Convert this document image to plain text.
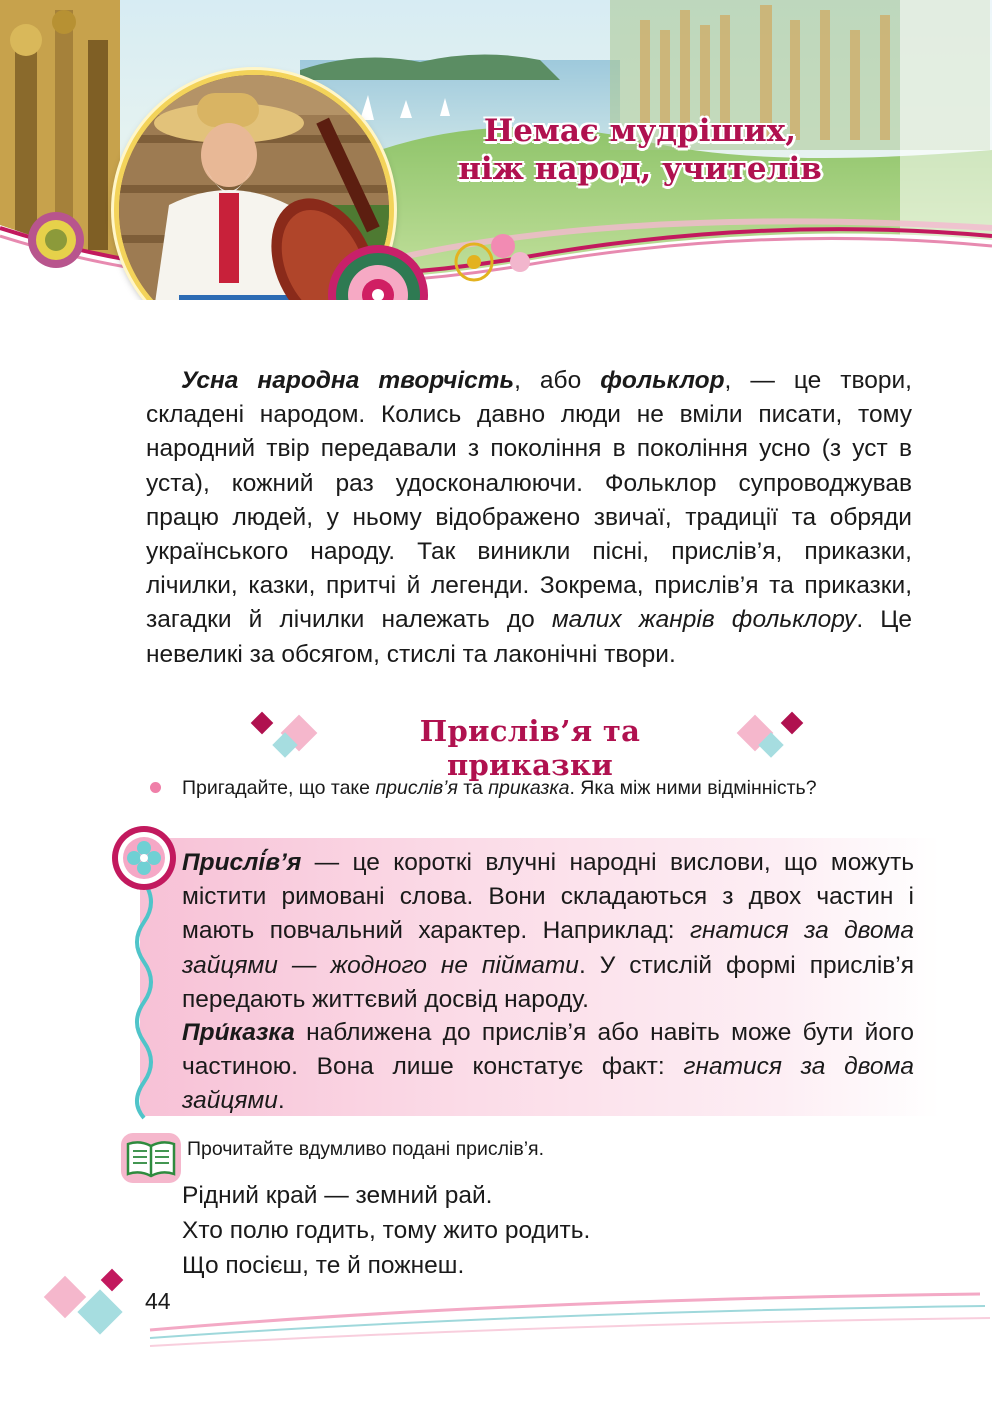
Немає мудріших,
ніж народ, учителів

Усна народна творчість, або фольклор, — це твори, складені народом. Колись давно люди не вміли писати, тому народний твір передавали з покоління в покоління усно (з уст в уста), кожний раз удосконалюючи. Фольклор супроводжував працю людей, у ньому відображено звичаї, традиції та обряди українського народу. Так виникли пісні, прислів’я, приказки, лічилки, казки, притчі й легенди. Зокрема, прислів’я та приказки, загадки й лічилки належать до малих жанрів фольклору. Це невеликі за обсягом, стислі та лаконічні твори.

Прислів’я та приказки

Пригадайте, що таке прислів’я та приказка. Яка між ними відмінність?

Прислі́в’я — це короткі влучні народні вислови, що можуть містити римовані слова. Вони складаються з двох частин і мають повчальний характер. Наприклад: гнатися за двома зайцями — жодного не піймати. У стислій формі прислів’я передають життєвий досвід народу.

При́казка наближена до прислів’я або навіть може бути його частиною. Вона лише констатує факт: гнатися за двома зайцями.

Прочитайте вдумливо подані прислів’я.

Рідний край — земний рай.
Хто полю годить, тому жито родить.
Що посієш, те й пожнеш.
44
